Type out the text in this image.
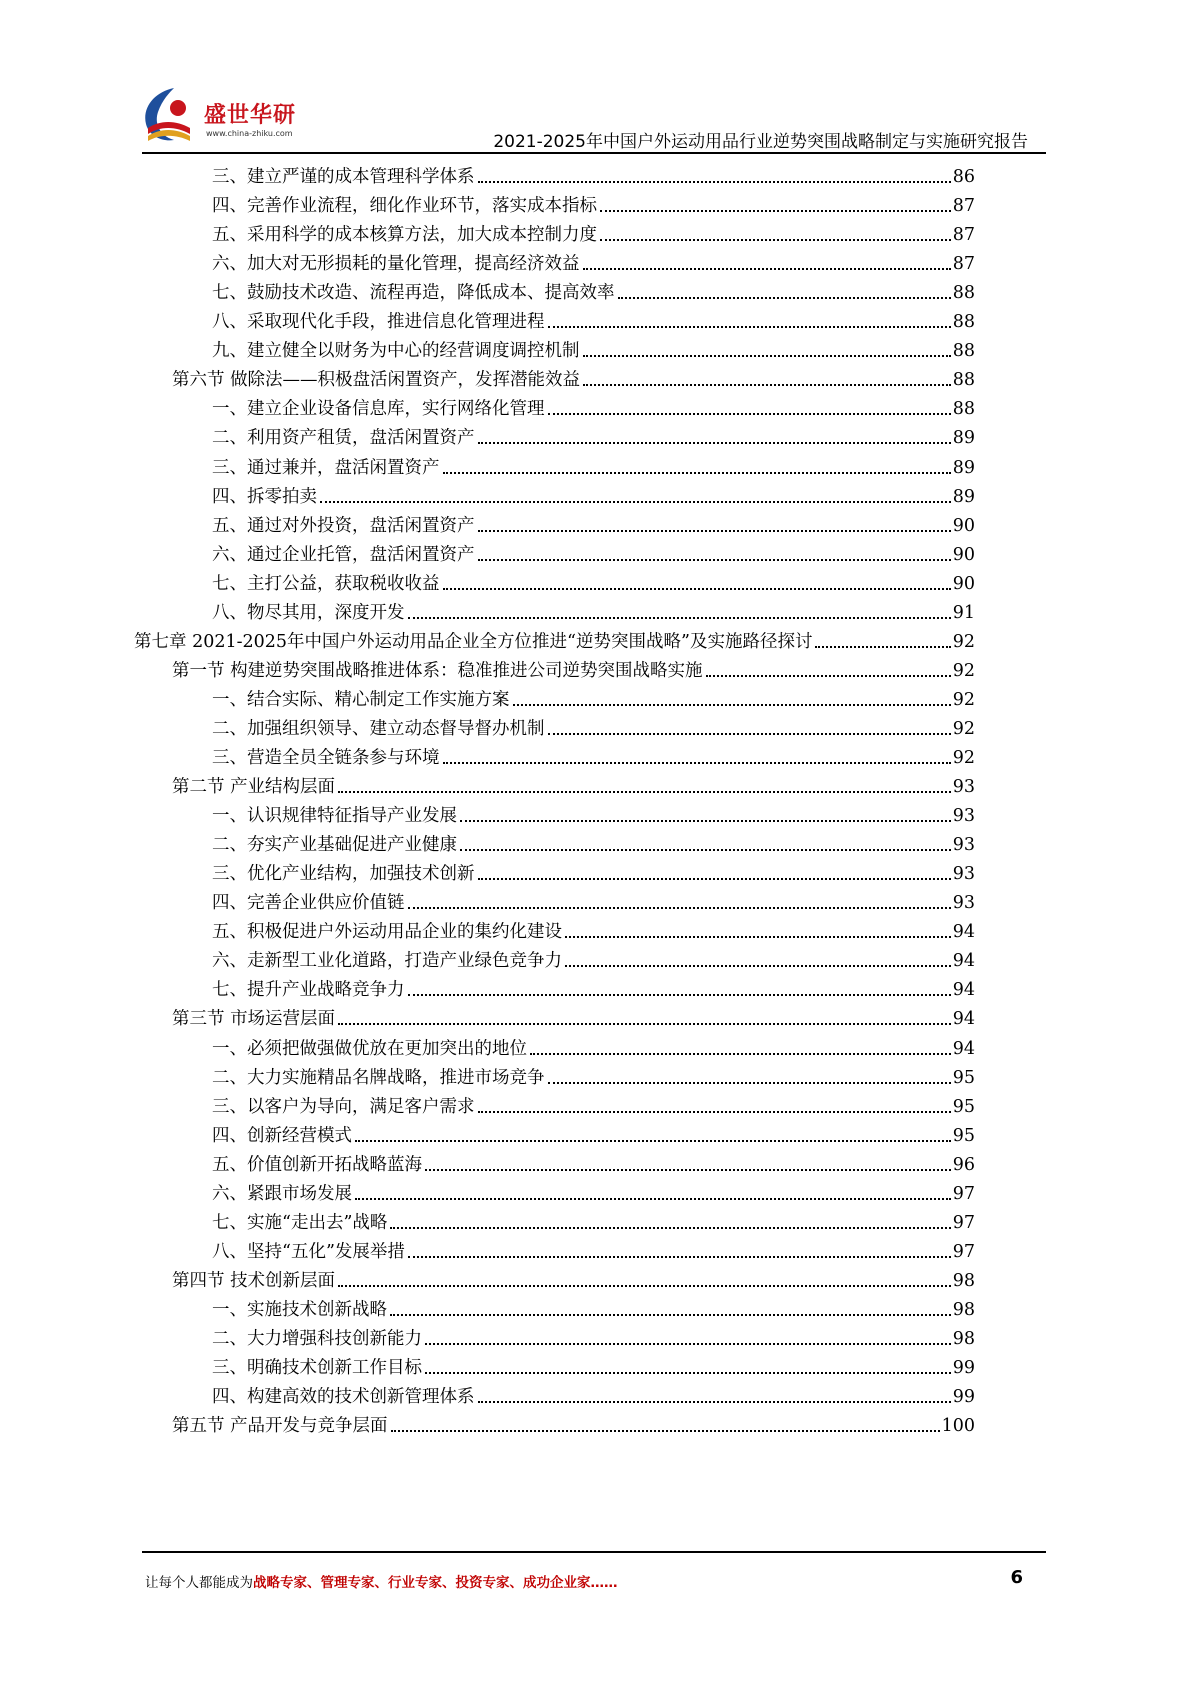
盛世华研
www.china-zhiku.com	2021-2025年中国户外运动用品行业逆势突围战略制定与实施研究报告
三、建立严谨的成本管理科学体系	86
四、完善作业流程，细化作业环节，落实成本指标	87
五、采用科学的成本核算方法，加大成本控制力度	87
六、加大对无形损耗的量化管理，提高经济效益	87
七、鼓励技术改造、流程再造，降低成本、提高效率	88
八、采取现代化手段，推进信息化管理进程	88
九、建立健全以财务为中心的经营调度调控机制	88
第六节 做除法——积极盘活闲置资产，发挥潜能效益	88
一、建立企业设备信息库，实行网络化管理	88
二、利用资产租赁，盘活闲置资产	89
三、通过兼并，盘活闲置资产	89
四、拆零拍卖	89
五、通过对外投资，盘活闲置资产	90
六、通过企业托管，盘活闲置资产	90
七、主打公益，获取税收收益	90
八、物尽其用，深度开发	91
第七章 2021-2025年中国户外运动用品企业全方位推进“逆势突围战略”及实施路径探讨	92
第一节 构建逆势突围战略推进体系：稳准推进公司逆势突围战略实施	92
一、结合实际、精心制定工作实施方案	92
二、加强组织领导、建立动态督导督办机制	92
三、营造全员全链条参与环境	92
第二节 产业结构层面	93
一、认识规律特征指导产业发展	93
二、夯实产业基础促进产业健康	93
三、优化产业结构，加强技术创新	93
四、完善企业供应价值链	93
五、积极促进户外运动用品企业的集约化建设	94
六、走新型工业化道路，打造产业绿色竞争力	94
七、提升产业战略竞争力	94
第三节 市场运营层面	94
一、必须把做强做优放在更加突出的地位	94
二、大力实施精品名牌战略，推进市场竞争	95
三、以客户为导向，满足客户需求	95
四、创新经营模式	95
五、价值创新开拓战略蓝海	96
六、紧跟市场发展	97
七、实施“走出去”战略	97
八、坚持“五化”发展举措	97
第四节 技术创新层面	98
一、实施技术创新战略	98
二、大力增强科技创新能力	98
三、明确技术创新工作目标	99
四、构建高效的技术创新管理体系	99
第五节 产品开发与竞争层面	100
让每个人都能成为战略专家、管理专家、行业专家、投资专家、成功企业家……	6
